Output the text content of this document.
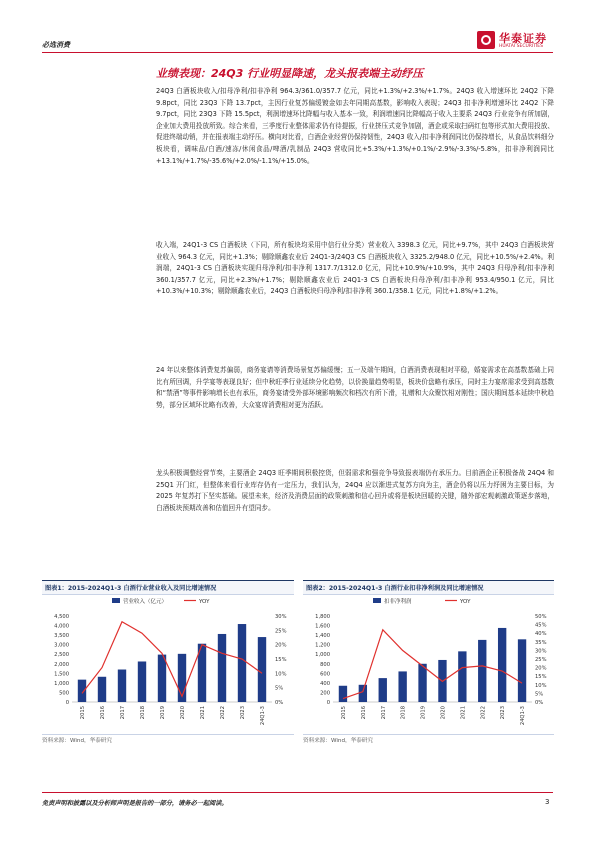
必选消费	华泰证券
HUATAI SECURITIES
业绩表现：24Q3 行业明显降速，龙头报表端主动纾压
24Q3 白酒板块收入/扣母净利/扣非净利 964.3/361.0/357.7 亿元，同比+1.3%/+2.3%/+1.7%。24Q3 收入增速环比 24Q2 下降 9.8pct，同比 23Q3 下降 13.7pct，主因行业复苏偏缓镀金如去年同期高基数，影响收入表现；24Q3 扣非净利增速环比 24Q2 下降 9.7pct，同比 23Q3 下降 15.5pct，利润增速环比降幅与收入基本一致，利润增速同比降幅高于收入主要系 24Q3 行业竞争有所加剧，企业加大费用投放所致。综合来看，三季度行业整体需求仍有待提振，行业挤压式竞争加剧，酒企或采取扫码红包等形式加大费用投放、促进终端动销，并在报表端主动纾压。横向对比看，白酒企业经营仍保持韧性，24Q3 收入/扣非净利润同比仍保持增长，从食品饮料细分板块看，调味品/白酒/速冻/休闲食品/啤酒/乳制品 24Q3 营收同比+5.3%/+1.3%/+0.1%/-2.9%/-3.3%/-5.8%，扣非净利润同比+13.1%/+1.7%/-35.6%/+2.0%/-1.1%/+15.0%。
收入端，24Q1-3 CS 白酒板块（下同，所有板块均采用中信行业分类）营业收入 3398.3 亿元，同比+9.7%，其中 24Q3 白酒板块营业收入 964.3 亿元，同比+1.3%；剔除顺鑫农业后 24Q1-3/24Q3 CS 白酒板块收入 3325.2/948.0 亿元，同比+10.5%/+2.4%。利润端，24Q1-3 CS 白酒板块实现归母净利/扣非净利 1317.7/1312.0 亿元，同比+10.9%/+10.9%，其中 24Q3 归母净利/扣非净利 360.1/357.7 亿元，同比+2.3%/+1.7%；剔除顺鑫农业后 24Q1-3 CS 白酒板块归母净利/扣非净利 953.4/950.1 亿元，同比+10.3%/+10.3%；剔除顺鑫农业后，24Q3 白酒板块归母净利/扣非净利 360.1/358.1 亿元，同比+1.8%/+1.2%。
24 年以来整体消费复苏偏弱，商务宴请等消费场景复苏偏缓慢；五一及端午期间，白酒消费表现相对平稳，婚宴需求在高基数基础上同比有所回调，升学宴等表现良好；但中秋旺季行业延续分化趋势，以价换量趋势明显，板块价盘略有承压，同时主力宴席需求受到高基数和“禁酒”等事件影响增长也有承压，商务宴请受外部环境影响频次和档次有所下滑，礼赠和大众聚饮相对刚性；国庆期间基本延续中秋趋势，部分区域环比略有改善，大众宴席消费相对更为活跃。
龙头积极调整经营节奏，主要酒企 24Q3 旺季期间积极控货，但弱需求和强竞争导致报表端仍有承压力。目前酒企正积极备战 24Q4 和 25Q1 开门红，但整体来看行业库存仍有一定压力，我们认为，24Q4 应以渐进式复苏方向为主，酒企仍将以压力纾困为主要目标，为 2025 年复苏打下坚实基础。展望未来，经济及消费层面的政策刺激和信心回升或将是板块回暖的关键，随外部宏观刺激政策逐步落地，白酒板块预期改善和估值回升有望同步。
图表1：2015-2024Q1-3 白酒行业营业收入及同比增速情况
营业收入（亿元）	YOY
0
500
1,000
1,500
2,000
2,500
3,000
3,500
4,000
4,500
0%
5%
10%
15%
20%
25%
30%
2015	2016	2017	2018	2019	2020	2021	2022	2023	24Q1-3
资料来源：Wind，华泰研究
图表2：2015-2024Q1-3 白酒行业扣非净利润及同比增速情况
扣非净利润	YOY
0
200
400
600
800
1,000
1,200
1,400
1,600
1,800
0%
5%
10%
15%
20%
25%
30%
35%
40%
45%
50%
2015	2016	2017	2018	2019	2020	2021	2022	2023	24Q1-3
资料来源：Wind，华泰研究
免责声明和披露以及分析师声明是报告的一部分，请务必一起阅读。	3
